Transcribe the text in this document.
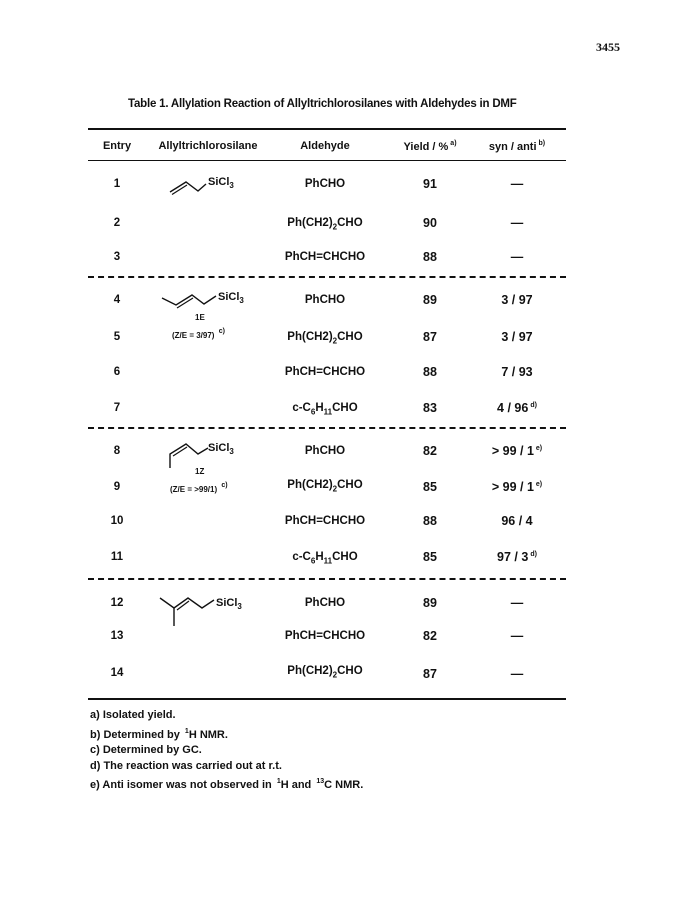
3455
Table 1. Allylation Reaction of Allyltrichlorosilanes with Aldehydes in DMF
Entry	Allyltrichlorosilane	Aldehyde	Yield / % $^{a)}$	syn / anti $^{b)}$
SiCl$_3$
SiCl$_3$
1E
(Z/E = 3/97) $^{c)}$
SiCl$_3$
1Z
(Z/E = >99/1) $^{c)}$
SiCl$_3$
1	PhCHO	91	—
2	$Ph(CH2)_2CHO$	90	—
3	PhCH=CHCHO	88	—
4	PhCHO	89	3 / 97
5	$Ph(CH2)_2CHO$	87	3 / 97
6	PhCH=CHCHO	88	7 / 93
7	$c-C_6H_{11}CHO$	83	4 / 96 $^{d)}$
8	PhCHO	82	> 99 / 1 $^{e)}$
9	$Ph(CH2)_2CHO$	85	> 99 / 1 $^{e)}$
10	PhCH=CHCHO	88	96 / 4
11	$c-C_6H_{11}CHO$	85	97 / 3 $^{d)}$
12	PhCHO	89	—
13	PhCH=CHCHO	82	—
14	$Ph(CH2)_2CHO$	87	—
a) Isolated yield.
b) Determined by $^1$H NMR.
c) Determined by GC.
d) The reaction was carried out at r.t.
e) Anti isomer was not observed in $^1$H and $^{13}$C NMR.
